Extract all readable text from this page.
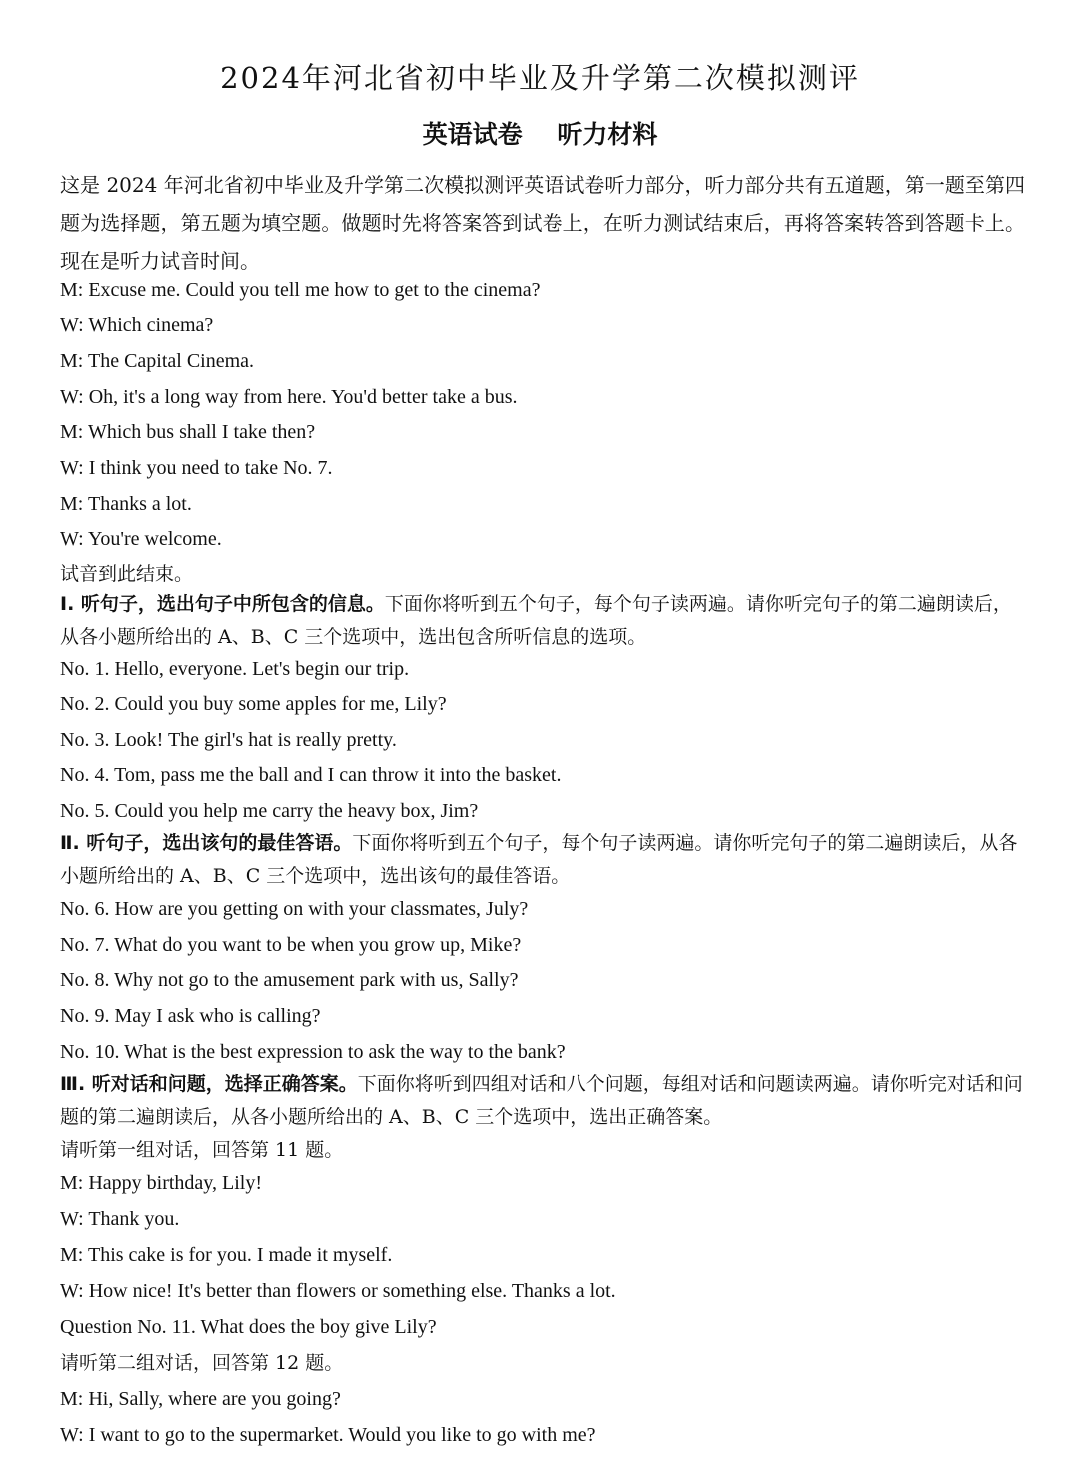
2024年河北省初中毕业及升学第二次模拟测评
英语试卷    听力材料
这是 2024 年河北省初中毕业及升学第二次模拟测评英语试卷听力部分，听力部分共有五道题，第一题至第四题为选择题，第五题为填空题。做题时先将答案答到试卷上，在听力测试结束后，再将答案转答到答题卡上。现在是听力试音时间。
M: Excuse me. Could you tell me how to get to the cinema?
W: Which cinema?
M: The Capital Cinema.
W: Oh, it's a long way from here. You'd better take a bus.
M: Which bus shall I take then?
W: I think you need to take No. 7.
M: Thanks a lot.
W: You're welcome.
试音到此结束。
Ⅰ. 听句子，选出句子中所包含的信息。下面你将听到五个句子，每个句子读两遍。请你听完句子的第二遍朗读后，从各小题所给出的 A、B、C 三个选项中，选出包含所听信息的选项。
No. 1. Hello, everyone. Let's begin our trip.
No. 2. Could you buy some apples for me, Lily?
No. 3. Look! The girl's hat is really pretty.
No. 4. Tom, pass me the ball and I can throw it into the basket.
No. 5. Could you help me carry the heavy box, Jim?
Ⅱ. 听句子，选出该句的最佳答语。下面你将听到五个句子，每个句子读两遍。请你听完句子的第二遍朗读后，从各小题所给出的 A、B、C 三个选项中，选出该句的最佳答语。
No. 6. How are you getting on with your classmates, July?
No. 7. What do you want to be when you grow up, Mike?
No. 8. Why not go to the amusement park with us, Sally?
No. 9. May I ask who is calling?
No. 10. What is the best expression to ask the way to the bank?
Ⅲ. 听对话和问题，选择正确答案。下面你将听到四组对话和八个问题，每组对话和问题读两遍。请你听完对话和问题的第二遍朗读后，从各小题所给出的 A、B、C 三个选项中，选出正确答案。
请听第一组对话，回答第 11 题。
M: Happy birthday, Lily!
W: Thank you.
M: This cake is for you. I made it myself.
W: How nice! It's better than flowers or something else. Thanks a lot.
Question No. 11. What does the boy give Lily?
请听第二组对话，回答第 12 题。
M: Hi, Sally, where are you going?
W: I want to go to the supermarket. Would you like to go with me?
